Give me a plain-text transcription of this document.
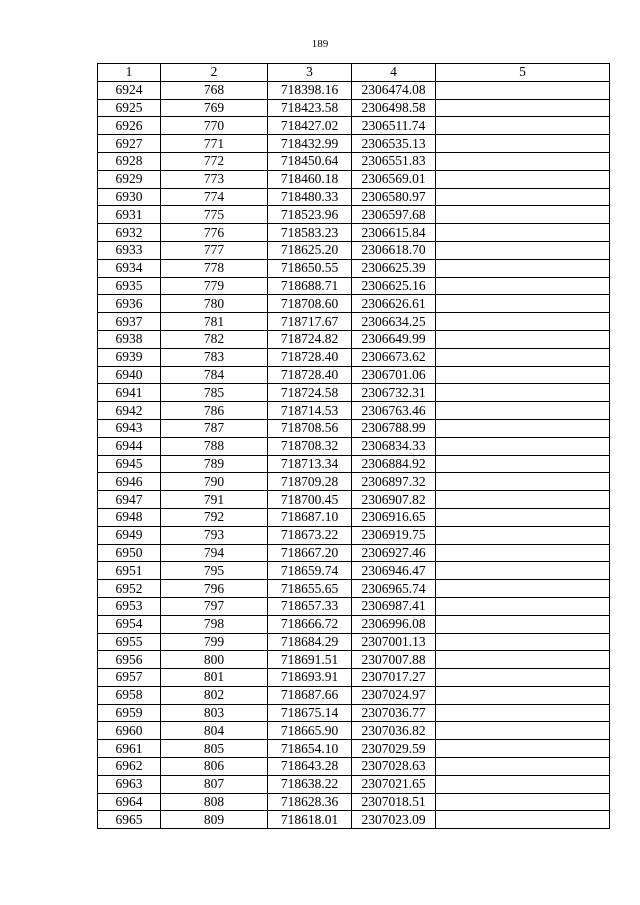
189
1	2	3	4	5
6924	768	718398.16	2306474.08	
6925	769	718423.58	2306498.58	
6926	770	718427.02	2306511.74	
6927	771	718432.99	2306535.13	
6928	772	718450.64	2306551.83	
6929	773	718460.18	2306569.01	
6930	774	718480.33	2306580.97	
6931	775	718523.96	2306597.68	
6932	776	718583.23	2306615.84	
6933	777	718625.20	2306618.70	
6934	778	718650.55	2306625.39	
6935	779	718688.71	2306625.16	
6936	780	718708.60	2306626.61	
6937	781	718717.67	2306634.25	
6938	782	718724.82	2306649.99	
6939	783	718728.40	2306673.62	
6940	784	718728.40	2306701.06	
6941	785	718724.58	2306732.31	
6942	786	718714.53	2306763.46	
6943	787	718708.56	2306788.99	
6944	788	718708.32	2306834.33	
6945	789	718713.34	2306884.92	
6946	790	718709.28	2306897.32	
6947	791	718700.45	2306907.82	
6948	792	718687.10	2306916.65	
6949	793	718673.22	2306919.75	
6950	794	718667.20	2306927.46	
6951	795	718659.74	2306946.47	
6952	796	718655.65	2306965.74	
6953	797	718657.33	2306987.41	
6954	798	718666.72	2306996.08	
6955	799	718684.29	2307001.13	
6956	800	718691.51	2307007.88	
6957	801	718693.91	2307017.27	
6958	802	718687.66	2307024.97	
6959	803	718675.14	2307036.77	
6960	804	718665.90	2307036.82	
6961	805	718654.10	2307029.59	
6962	806	718643.28	2307028.63	
6963	807	718638.22	2307021.65	
6964	808	718628.36	2307018.51	
6965	809	718618.01	2307023.09	
